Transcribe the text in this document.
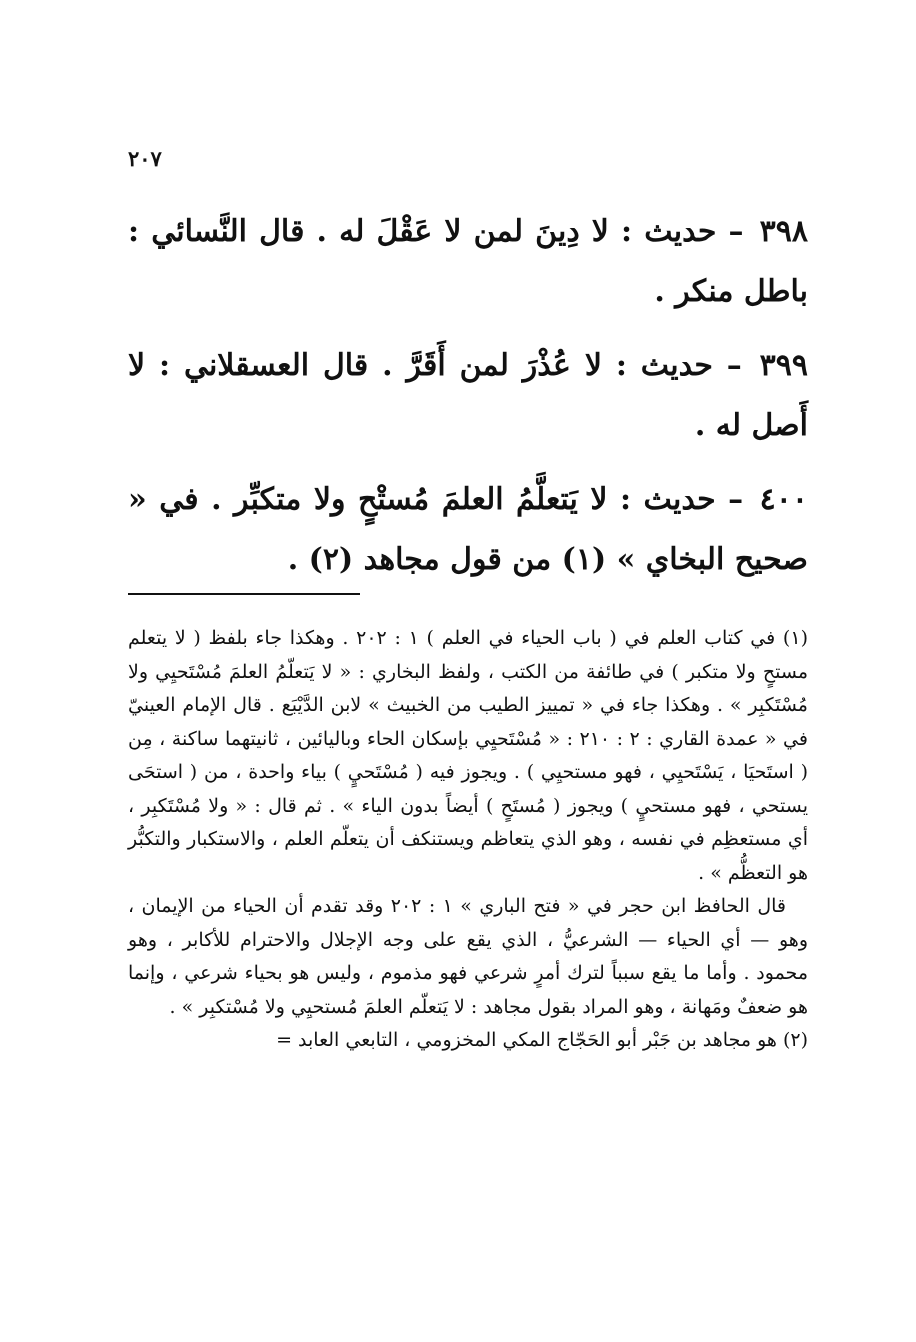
٢٠٧

٣٩٨ – حديث : لا دِينَ لمن لا عَقْلَ له . قال النَّسائي : باطل منكر .

٣٩٩ – حديث : لا عُذْرَ لمن أَقَرَّ . قال العسقلاني : لا أَصل له .

٤٠٠ – حديث : لا يَتعلَّمُ العلمَ مُستْحٍ ولا متكبِّر . في « صحيح البخاي » (١) من قول مجاهد (٢) .

(١) في كتاب العلم في ( باب الحياء في العلم ) ١ : ٢٠٢ . وهكذا جاء بلفظ ( لا يتعلم مستحٍ ولا متكبر ) في طائفة من الكتب ، ولفظ البخاري : « لا يَتعلّمُ العلمَ مُسْتَحيِي ولا مُسْتَكبِر » . وهكذا جاء في « تمييز الطيب من الخبيث » لابن الدَّيْبَع . قال الإمام العينيّ في « عمدة القاري : ٢ : ٢١٠ : « مُسْتَحيِي بإسكان الحاء وباليائين ، ثانيتهما ساكنة ، مِن ( استَحيَا ، يَسْتَحيِي ، فهو مستحيِي ) . ويجوز فيه ( مُسْتَحيٍ ) بياء واحدة ، من ( استحَى يستحي ، فهو مستحيٍ ) ويجوز ( مُستَحٍ ) أيضاً بدون الياء » . ثم قال : « ولا مُسْتَكبِر ، أي مستعظِم في نفسه ، وهو الذي يتعاظم ويستنكف أن يتعلّم العلم ، والاستكبار والتكبُّر هو التعظُّم » .

قال الحافظ ابن حجر في « فتح الباري » ١ : ٢٠٢ وقد تقدم أن الحياء من الإيمان ، وهو — أي الحياء — الشرعيُّ ، الذي يقع على وجه الإجلال والاحترام للأكابر ، وهو محمود . وأما ما يقع سبباً لترك أمرٍ شرعي فهو مذموم ، وليس هو بحياء شرعي ، وإنما هو ضعفٌ ومَهانة ، وهو المراد بقول مجاهد : لا يَتعلّم العلمَ مُستحيِي ولا مُسْتكبِر » .

(٢) هو مجاهد بن جَبْر أبو الحَجّاج المكي المخزومي ، التابعي العابد =
